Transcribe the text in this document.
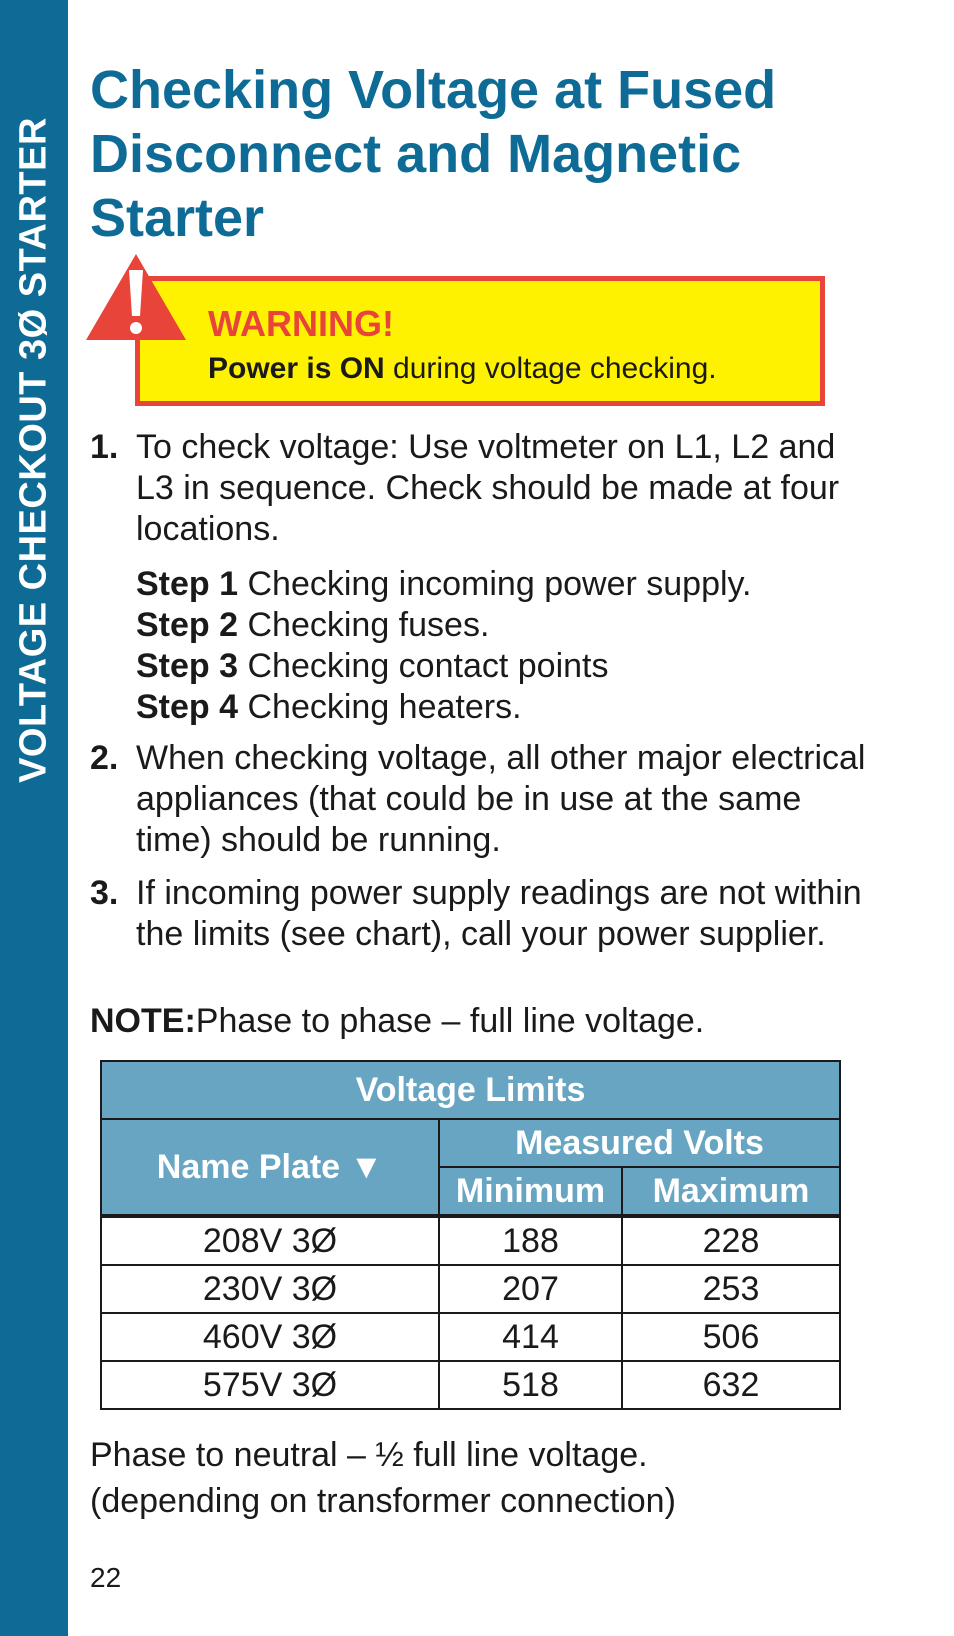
VOLTAGE CHECKOUT 3Ø STARTER
Checking Voltage at Fused Disconnect and Magnetic Starter
WARNING!
Power is ON during voltage checking.
1. To check voltage: Use voltmeter on L1, L2 and L3 in sequence. Check should be made at four locations.
Step 1 Checking incoming power supply.
Step 2 Checking fuses.
Step 3 Checking contact points
Step 4 Checking heaters.
2. When checking voltage, all other major electrical appliances (that could be in use at the same time) should be running.
3. If incoming power supply readings are not within the limits (see chart), call your power supplier.
NOTE:Phase to phase – full line voltage.
Voltage Limits		
Name Plate ▼	Measured Volts	
	Minimum	Maximum
208V 3Ø	188	228
230V 3Ø	207	253
460V 3Ø	414	506
575V 3Ø	518	632
Phase to neutral – ½ full line voltage.
(depending on transformer connection)
22
